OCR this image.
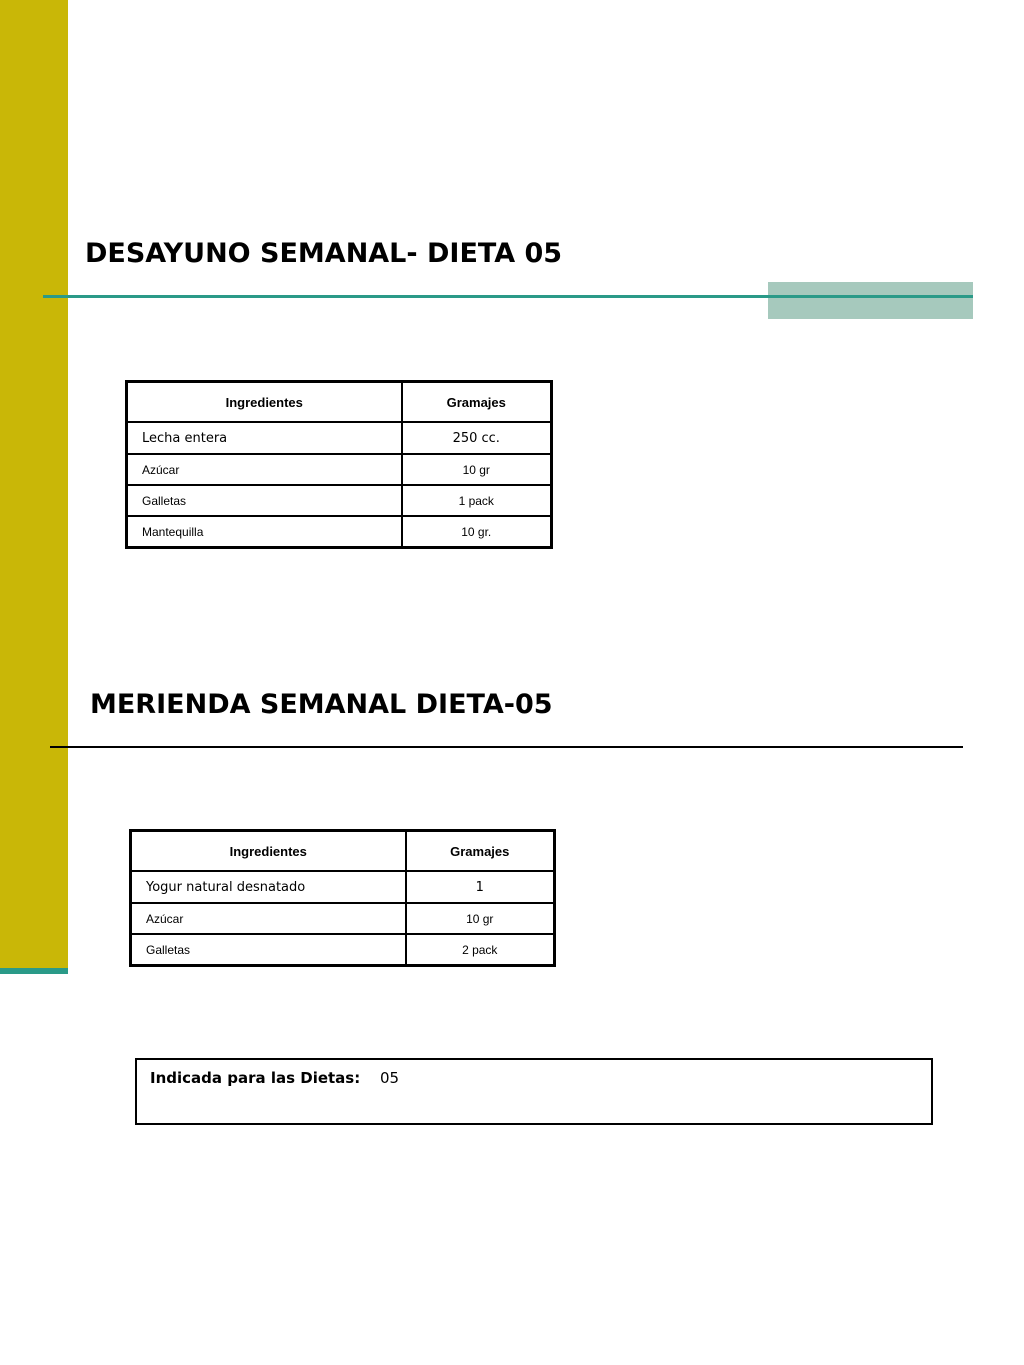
DESAYUNO SEMANAL- DIETA 05
Ingredientes	Gramajes
Lecha entera	250 cc.
Azúcar	10 gr
Galletas	1 pack
Mantequilla	10 gr.
MERIENDA SEMANAL DIETA-05
Ingredientes	Gramajes
Yogur natural desnatado	1
Azúcar	10 gr
Galletas	2 pack
Indicada para las Dietas: 05
